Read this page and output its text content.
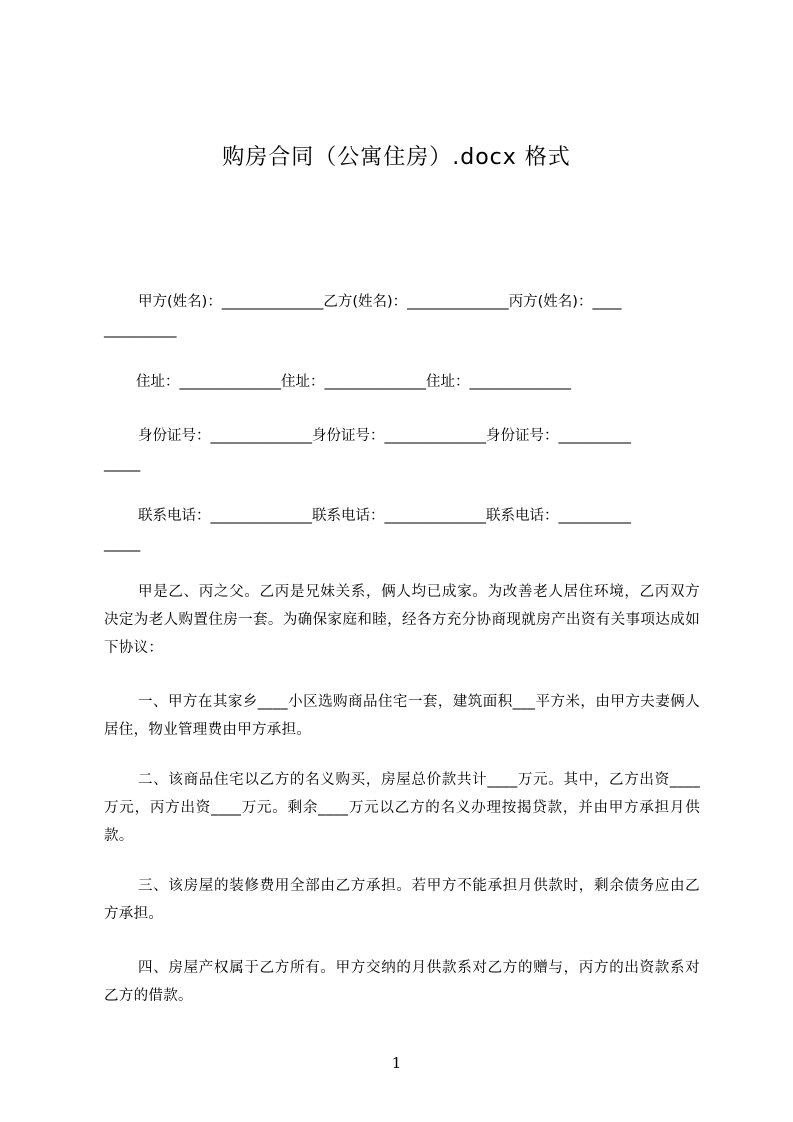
购房合同（公寓住房）.docx 格式
甲方(姓名)：______________乙方(姓名)：______________丙方(姓名)：____
__________
住址：______________住址：______________住址：______________
身份证号：______________身份证号：______________身份证号：__________
_____
联系电话：______________联系电话：______________联系电话：__________
_____
甲是乙、丙之父。乙丙是兄妹关系，俩人均已成家。为改善老人居住环境，乙丙双方决定为老人购置住房一套。为确保家庭和睦，经各方充分协商现就房产出资有关事项达成如下协议：
一、甲方在其家乡____小区选购商品住宅一套，建筑面积___平方米，由甲方夫妻俩人居住，物业管理费由甲方承担。
二、该商品住宅以乙方的名义购买，房屋总价款共计____万元。其中，乙方出资____万元，丙方出资____万元。剩余____万元以乙方的名义办理按揭贷款，并由甲方承担月供款。
三、该房屋的装修费用全部由乙方承担。若甲方不能承担月供款时，剩余债务应由乙方承担。
四、房屋产权属于乙方所有。甲方交纳的月供款系对乙方的赠与，丙方的出资款系对乙方的借款。
1
